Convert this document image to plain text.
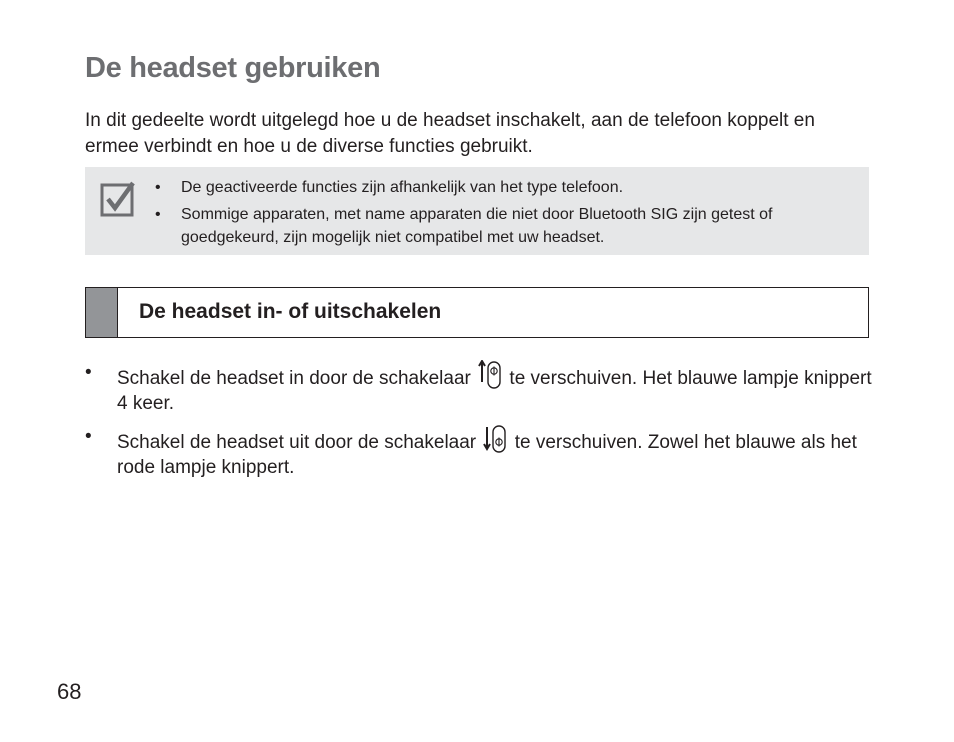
De headset gebruiken

In dit gedeelte wordt uitgelegd hoe u de headset inschakelt, aan de telefoon koppelt en ermee verbindt en hoe u de diverse functies gebruikt.

• De geactiveerde functies zijn afhankelijk van het type telefoon.
• Sommige apparaten, met name apparaten die niet door Bluetooth SIG zijn getest of goedgekeurd, zijn mogelijk niet compatibel met uw headset.
De headset in- of uitschakelen
• Schakel de headset in door de schakelaar te verschuiven. Het blauwe lampje knippert 4 keer.
• Schakel de headset uit door de schakelaar te verschuiven. Zowel het blauwe als het rode lampje knippert.

68
